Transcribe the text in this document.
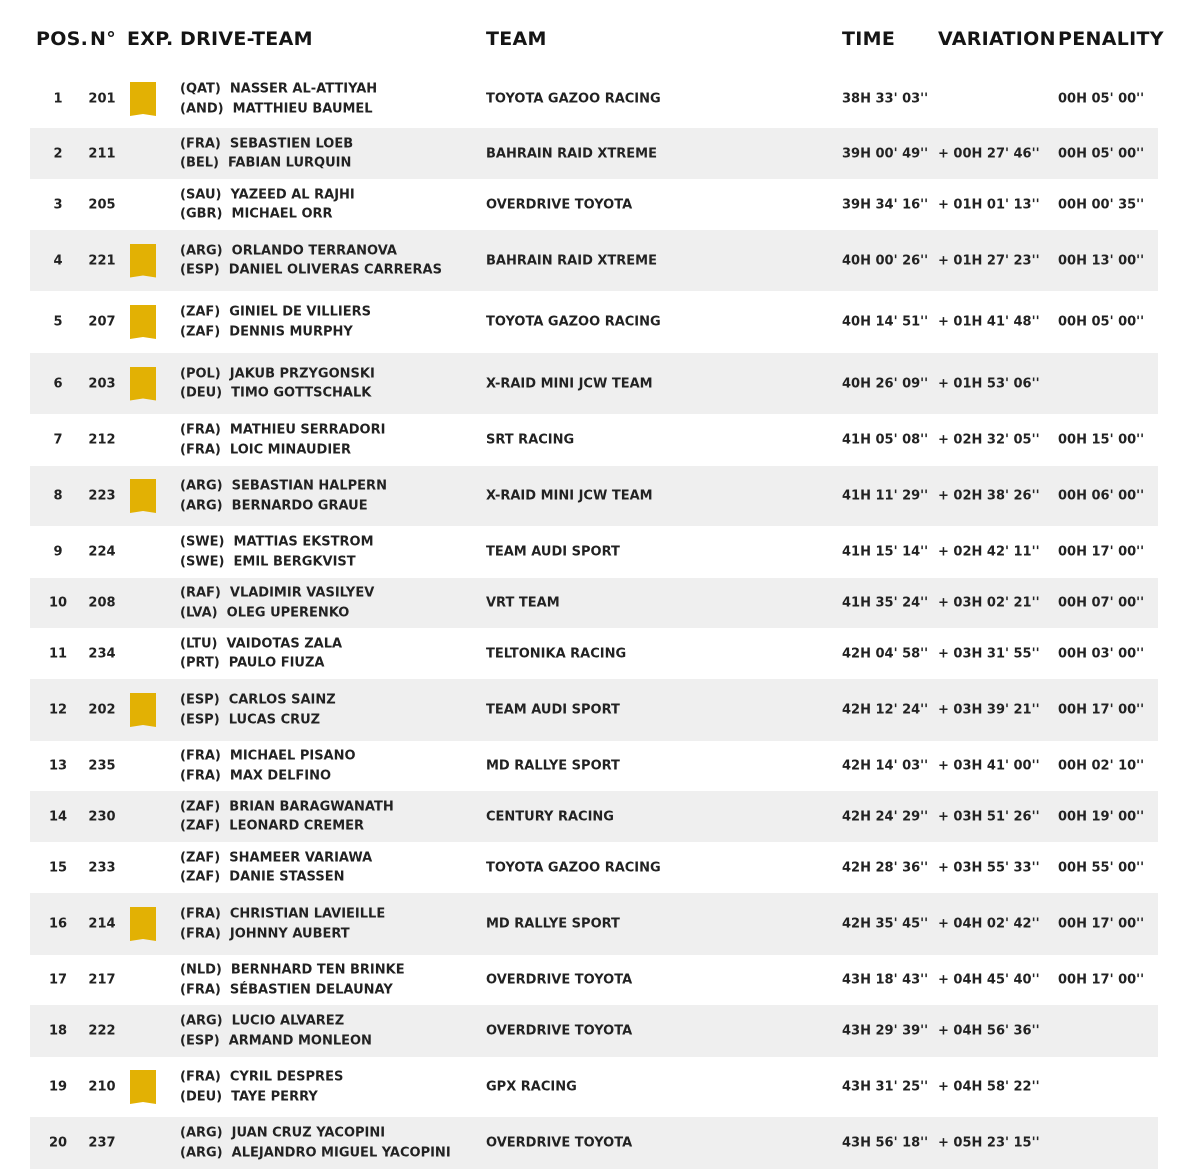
POS. N° EXP. DRIVE-TEAM	TEAM	TIME VARIATION PENALITY
1	201
(QAT)  NASSER AL-ATTIYAH
(AND)  MATTHIEU BAUMEL
TOYOTA GAZOO RACING	38H 33' 03''	00H 05' 00''
2	211
(FRA)  SEBASTIEN LOEB
(BEL)  FABIAN LURQUIN
BAHRAIN RAID XTREME	39H 00' 49'' + 00H 27' 46'' 00H 05' 00''
3	205
(SAU)  YAZEED AL RAJHI
(GBR)  MICHAEL ORR
OVERDRIVE TOYOTA	39H 34' 16'' + 01H 01' 13'' 00H 00' 35''
4	221
(ARG)  ORLANDO TERRANOVA
(ESP)  DANIEL OLIVERAS CARRERAS
BAHRAIN RAID XTREME	40H 00' 26'' + 01H 27' 23'' 00H 13' 00''
5	207
(ZAF)  GINIEL DE VILLIERS
(ZAF)  DENNIS MURPHY
TOYOTA GAZOO RACING	40H 14' 51'' + 01H 41' 48'' 00H 05' 00''
6	203
(POL)  JAKUB PRZYGONSKI
(DEU)  TIMO GOTTSCHALK
X-RAID MINI JCW TEAM	40H 26' 09'' + 01H 53' 06''
7	212
(FRA)  MATHIEU SERRADORI
(FRA)  LOIC MINAUDIER
SRT RACING	41H 05' 08'' + 02H 32' 05'' 00H 15' 00''
8	223
(ARG)  SEBASTIAN HALPERN
(ARG)  BERNARDO GRAUE
X-RAID MINI JCW TEAM	41H 11' 29'' + 02H 38' 26'' 00H 06' 00''
9	224
(SWE)  MATTIAS EKSTROM
(SWE)  EMIL BERGKVIST
TEAM AUDI SPORT	41H 15' 14'' + 02H 42' 11'' 00H 17' 00''
10	208
(RAF)  VLADIMIR VASILYEV
(LVA)  OLEG UPERENKO
VRT TEAM	41H 35' 24'' + 03H 02' 21'' 00H 07' 00''
11	234
(LTU)  VAIDOTAS ZALA
(PRT)  PAULO FIUZA
TELTONIKA RACING	42H 04' 58'' + 03H 31' 55'' 00H 03' 00''
12	202
(ESP)  CARLOS SAINZ
(ESP)  LUCAS CRUZ
TEAM AUDI SPORT	42H 12' 24'' + 03H 39' 21'' 00H 17' 00''
13	235
(FRA)  MICHAEL PISANO
(FRA)  MAX DELFINO
MD RALLYE SPORT	42H 14' 03'' + 03H 41' 00'' 00H 02' 10''
14	230
(ZAF)  BRIAN BARAGWANATH
(ZAF)  LEONARD CREMER
CENTURY RACING	42H 24' 29'' + 03H 51' 26'' 00H 19' 00''
15	233
(ZAF)  SHAMEER VARIAWA
(ZAF)  DANIE STASSEN
TOYOTA GAZOO RACING	42H 28' 36'' + 03H 55' 33'' 00H 55' 00''
16	214
(FRA)  CHRISTIAN LAVIEILLE
(FRA)  JOHNNY AUBERT
MD RALLYE SPORT	42H 35' 45'' + 04H 02' 42'' 00H 17' 00''
17	217
(NLD)  BERNHARD TEN BRINKE
(FRA)  SÉBASTIEN DELAUNAY
OVERDRIVE TOYOTA	43H 18' 43'' + 04H 45' 40'' 00H 17' 00''
18	222
(ARG)  LUCIO ALVAREZ
(ESP)  ARMAND MONLEON
OVERDRIVE TOYOTA	43H 29' 39'' + 04H 56' 36''
19	210
(FRA)  CYRIL DESPRES
(DEU)  TAYE PERRY
GPX RACING	43H 31' 25'' + 04H 58' 22''
20	237
(ARG)  JUAN CRUZ YACOPINI
(ARG)  ALEJANDRO MIGUEL YACOPINI
OVERDRIVE TOYOTA	43H 56' 18'' + 05H 23' 15''
